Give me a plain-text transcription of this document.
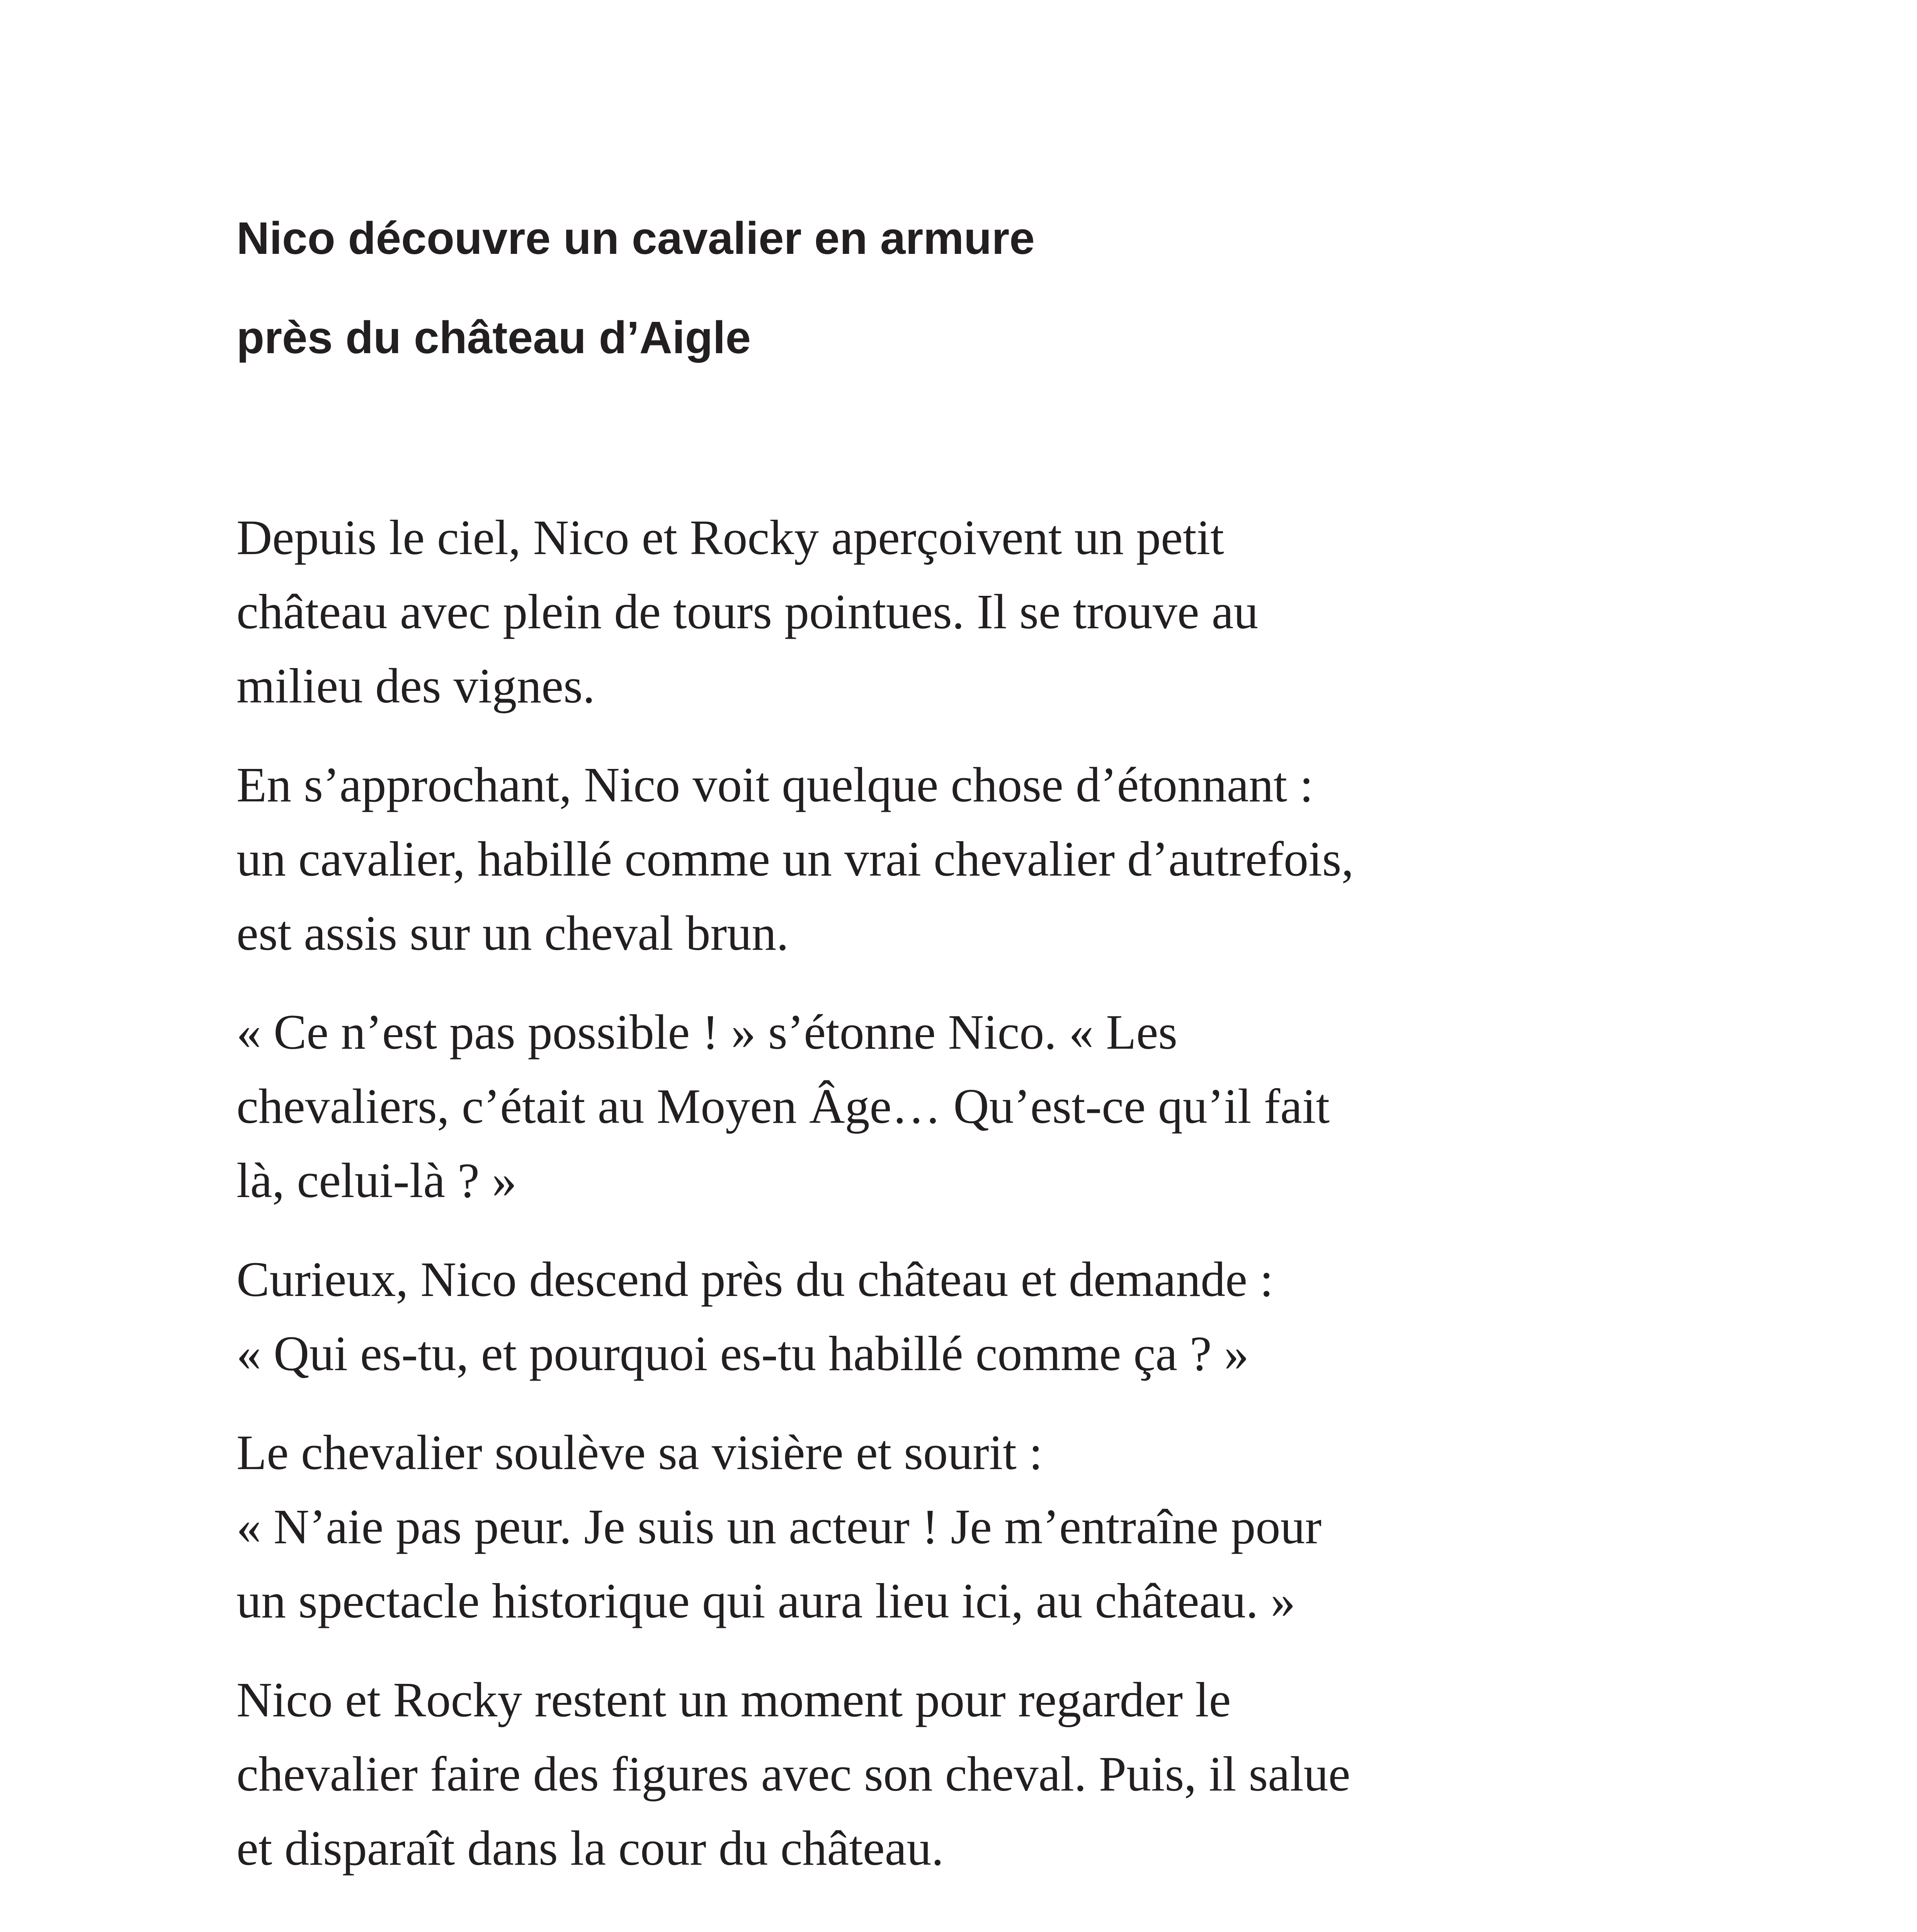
Nico découvre un cavalier en armure
près du château d’Aigle

Depuis le ciel, Nico et Rocky aperçoivent un petit
château avec plein de tours pointues. Il se trouve au
milieu des vignes.

En s’approchant, Nico voit quelque chose d’étonnant :
un cavalier, habillé comme un vrai chevalier d’autrefois,
est assis sur un cheval brun.

« Ce n’est pas possible ! » s’étonne Nico. « Les
chevaliers, c’était au Moyen Âge… Qu’est-ce qu’il fait
là, celui-là ? »

Curieux, Nico descend près du château et demande :
« Qui es-tu, et pourquoi es-tu habillé comme ça ? »

Le chevalier soulève sa visière et sourit :
« N’aie pas peur. Je suis un acteur ! Je m’entraîne pour
un spectacle historique qui aura lieu ici, au château. »

Nico et Rocky restent un moment pour regarder le
chevalier faire des figures avec son cheval. Puis, il salue
et disparaît dans la cour du château.
